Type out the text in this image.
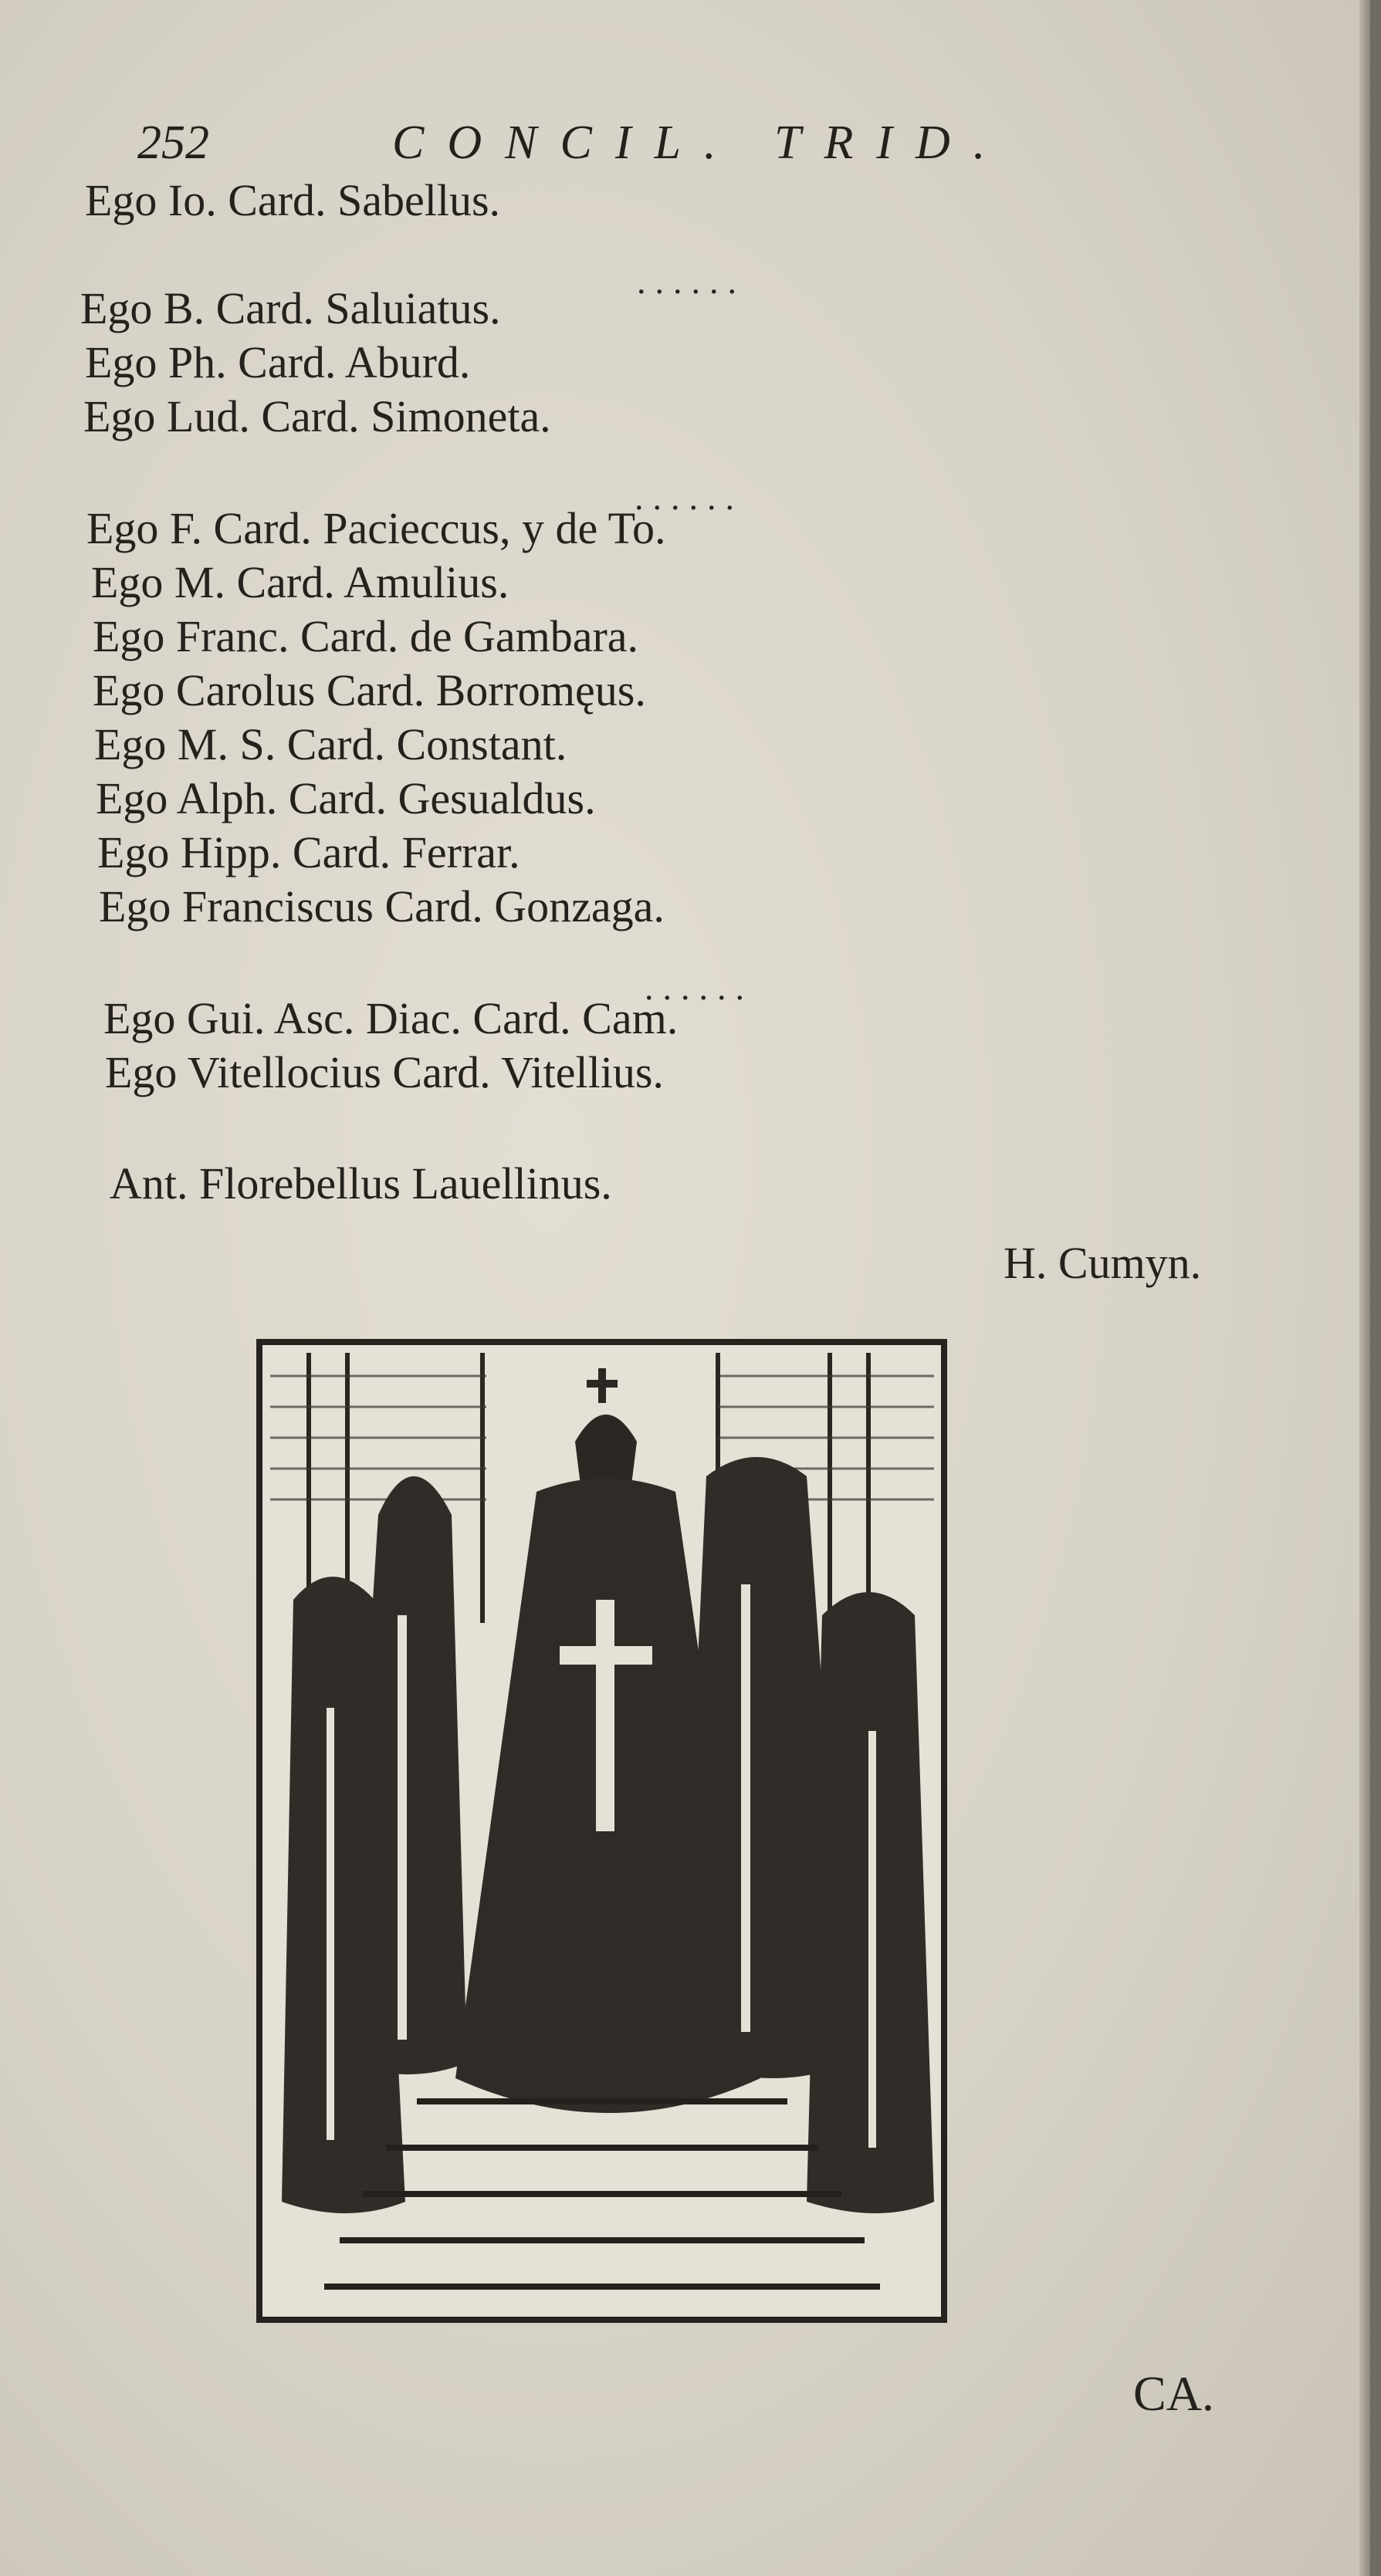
252	CONCIL. TRID.
Ego Io. Card. Sabellus.
......
Ego B. Card. Saluiatus.
Ego Ph. Card. Aburd.
Ego Lud. Card. Simoneta.
......
Ego F. Card. Pacieccus, y de To.
Ego M. Card. Amulius.
Ego Franc. Card. de Gambara.
Ego Carolus Card. Borromęus.
Ego M. S. Card. Constant.
Ego Alph. Card. Gesualdus.
Ego Hipp. Card. Ferrar.
Ego Franciscus Card. Gonzaga.
......
Ego Gui. Asc. Diac. Card. Cam.
Ego Vitellocius Card. Vitellius.
Ant. Florebellus Lauellinus.
H. Cumyn.
CA.
